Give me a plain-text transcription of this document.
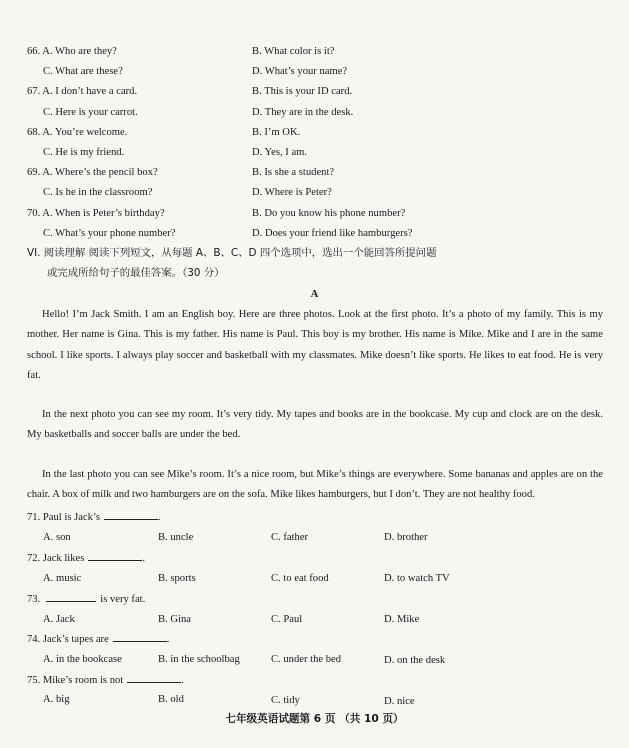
66. A. Who are they?	B. What color is it?
C. What are these?	D. What’s your name?
67. A. I don’t have a card.	B. This is your ID card.
C. Here is your carrot.	D. They are in the desk.
68. A. You’re welcome.	B. I’m OK.
C. He is my friend.	D. Yes, I am.
69. A. Where’s the pencil box?	B. Is she a student?
C. Is he in the classroom?	D. Where is Peter?
70. A. When is Peter’s birthday?	B. Do you know his phone number?
C. What’s your phone number?	D. Does your friend like hamburgers?
VI. 阅读理解 阅读下列短文，从每题 A、B、C、D 四个选项中，选出一个能回答所提问题
或完成所给句子的最佳答案。（30 分）
A
Hello! I’m Jack Smith. I am an English boy. Here are three photos. Look at the first photo. It’s a photo of my family. This is my mother. Her name is Gina. This is my father. His name is Paul. This boy is my brother. His name is Mike. Mike and I are in the same school. I like sports. I always play soccer and basketball with my classmates. Mike doesn’t like sports. He likes to eat food. He is very fat.
In the next photo you can see my room. It’s very tidy. My tapes and books are in the bookcase. My cup and clock are on the desk. My basketballs and soccer balls are under the bed.
In the last photo you can see Mike’s room. It’s a nice room, but Mike’s things are everywhere. Some bananas and apples are on the chair. A box of milk and two hamburgers are on the sofa. Mike likes hamburgers, but I don’t. They are not healthy food.
71. Paul is Jack’s	.
A. son	B. uncle	C. father	D. brother
72. Jack likes	.
A. music	B. sports	C. to eat food	D. to watch TV
73.	is very fat.
A. Jack	B. Gina	C. Paul	D. Mike
74. Jack’s tapes are	.
A. in the bookcase	B. in the schoolbag	C. under the bed	D. on the desk
75. Mike’s room is not	.
A. big	B. old	C. tidy	D. nice
七年级英语试题第 6 页 （共 10 页）
